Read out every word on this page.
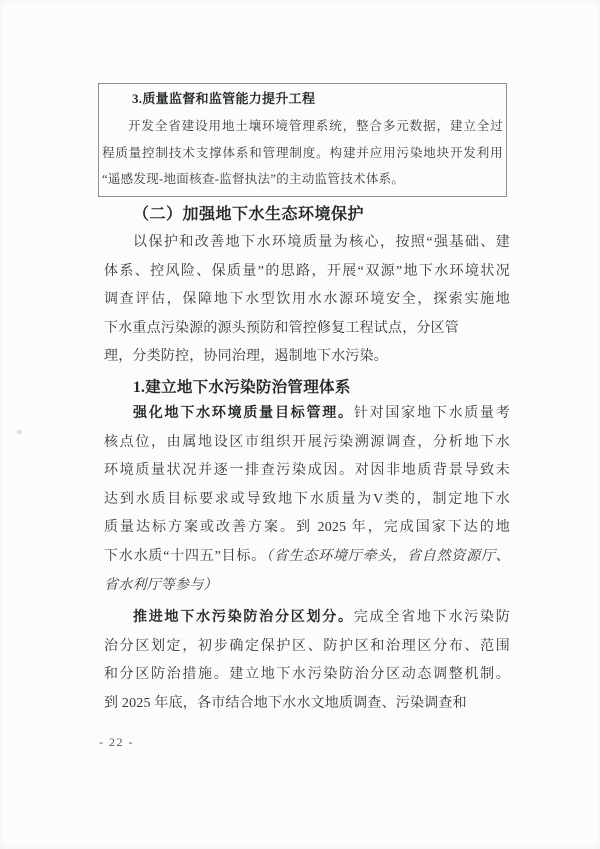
3.质量监督和监管能力提升工程
开发全省建设用地土壤环境管理系统，整合多元数据，建立全过
程质量控制技术支撑体系和管理制度。构建并应用污染地块开发利用
“遥感发现-地面核查-监督执法”的主动监管技术体系。
（二）加强地下水生态环境保护
以保护和改善地下水环境质量为核心，按照“强基础、建
体系、控风险、保质量”的思路，开展“双源”地下水环境状况
调查评估，保障地下水型饮用水水源环境安全，探索实施地
下水重点污染源的源头预防和管控修复工程试点，分区管
理，分类防控，协同治理，遏制地下水污染。
1.建立地下水污染防治管理体系
强化地下水环境质量目标管理。针对国家地下水质量考
核点位，由属地设区市组织开展污染溯源调查，分析地下水
环境质量状况并逐一排查污染成因。对因非地质背景导致未
达到水质目标要求或导致地下水质量为V类的，制定地下水
质量达标方案或改善方案。到 2025 年，完成国家下达的地
下水水质“十四五”目标。（省生态环境厅牵头，省自然资源厅、
省水利厅等参与）
推进地下水污染防治分区划分。完成全省地下水污染防
治分区划定，初步确定保护区、防护区和治理区分布、范围
和分区防治措施。建立地下水污染防治分区动态调整机制。
到 2025 年底，各市结合地下水水文地质调查、污染调查和
- 22 -
